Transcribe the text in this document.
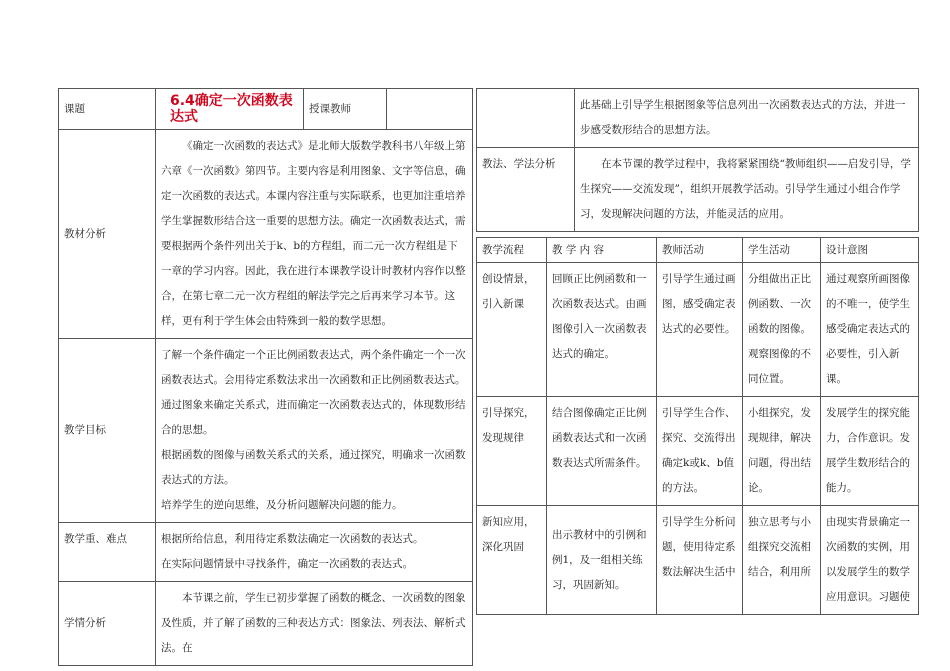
课题	6.4确定一次函数表达式	授课教师	
教材分析	《确定一次函数的表达式》是北师大版数学教科书八年级上第六章《一次函数》第四节。主要内容是利用图象、文字等信息，确定一次函数的表达式。本课内容注重与实际联系，也更加注重培养学生掌握数形结合这一重要的思想方法。确定一次函数表达式，需要根据两个条件列出关于k、b的方程组，而二元一次方程组是下一章的学习内容。因此，我在进行本课教学设计时教材内容作以整合，在第七章二元一次方程组的解法学完之后再来学习本节。这样，更有利于学生体会由特殊到一般的数学思想。		
教学目标	了解一个条件确定一个正比例函数表达式，两个条件确定一个一次函数表达式。会用待定系数法求出一次函数和正比例函数表达式。
通过图象来确定关系式，进而确定一次函数表达式的，体现数形结合的思想。
根据函数的图像与函数关系式的关系，通过探究，明确求一次函数表达式的方法。
培养学生的逆向思维，及分析问题解决问题的能力。		
教学重、难点	根据所给信息，利用待定系数法确定一次函数的表达式。
在实际问题情景中寻找条件，确定一次函数的表达式。		
学情分析	本节课之前，学生已初步掌握了函数的概念、一次函数的图象及性质，并了解了函数的三种表达方式：图象法、列表法、解析式法。在		
	此基础上引导学生根据图象等信息列出一次函数表达式的方法，并进一步感受数形结合的思想方法。
教法、学法分析	在本节课的教学过程中，我将紧紧围绕“教师组织——启发引导，学生探究——交流发现”，组织开展教学活动。引导学生通过小组合作学习，发现解决问题的方法，并能灵活的应用。
教学流程	教 学 内 容	教师活动	学生活动	设计意图
创设情景，引入新课	回顾正比例函数和一次函数表达式。由画图像引入一次函数表达式的确定。	引导学生通过画图，感受确定表达式的必要性。	分组做出正比例函数、一次函数的图像。观察图像的不同位置。	通过观察所画图像的不唯一，使学生感受确定表达式的必要性，引入新课。
引导探究，发现规律	结合图像确定正比例函数表达式和一次函数表达式所需条件。	引导学生合作、探究、交流得出确定k或k、b值的方法。	小组探究，发现规律，解决问题，得出结论。	发展学生的探究能力，合作意识。发展学生数形结合的能力。
新知应用，深化巩固	出示教材中的引例和例1，及一组相关练习，巩固新知。	引导学生分析问题，使用待定系数法解决生活中	独立思考与小组探究交流相结合，利用所	由现实背景确定一次函数的实例，用以发展学生的数学应用意识。习题使
